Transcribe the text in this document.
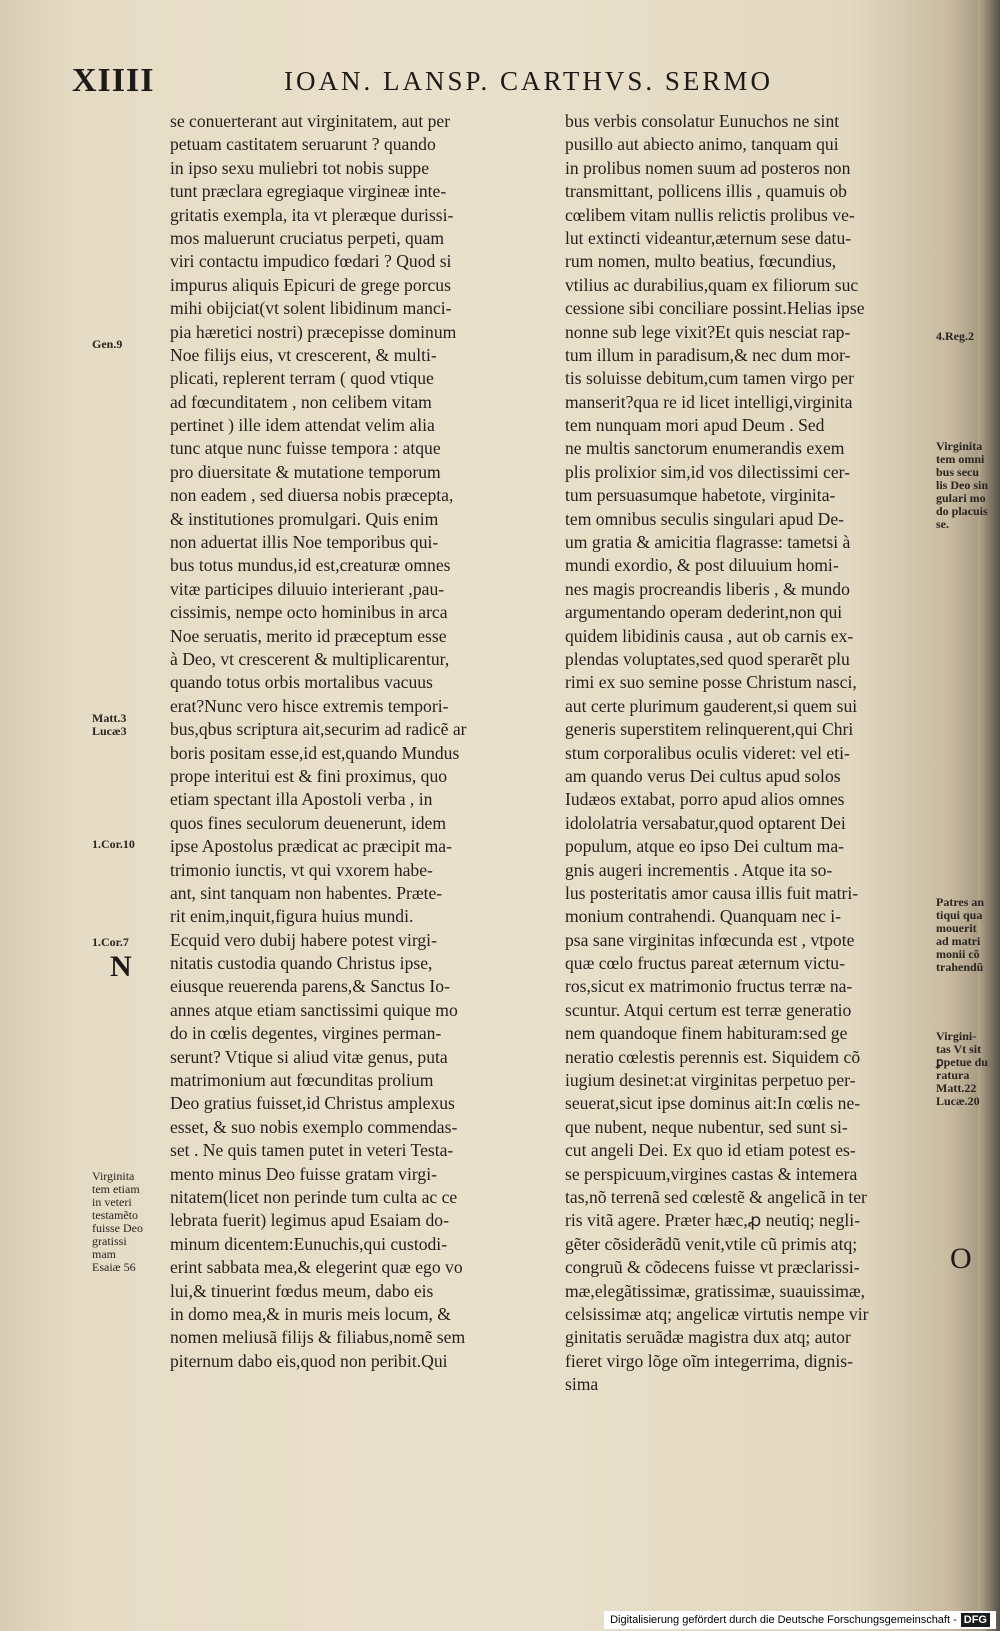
XIIII	IOAN. LANSP. CARTHVS. SERMO
se conuerterant aut virginitatem, aut per
petuam castitatem seruarunt ? quando
in ipso sexu muliebri tot nobis suppe
tunt præclara egregiaque virgineæ inte-
gritatis exempla, ita vt pleræque durissi-
mos maluerunt cruciatus perpeti, quam
viri contactu impudico fœdari ? Quod si
impurus aliquis Epicuri de grege porcus
mihi obijciat(vt solent libidinum manci-
pia hæretici nostri) præcepisse dominum
Noe filijs eius, vt crescerent, & multi-
plicati, replerent terram ( quod vtique
ad fœcunditatem , non celibem vitam
pertinet ) ille idem attendat velim alia
tunc atque nunc fuisse tempora : atque
pro diuersitate & mutatione temporum
non eadem , sed diuersa nobis præcepta,
& institutiones promulgari. Quis enim
non aduertat illis Noe temporibus qui-
bus totus mundus,id est,creaturæ omnes
vitæ participes diluuio interierant ,pau-
cissimis, nempe octo hominibus in arca
Noe seruatis, merito id præceptum esse
à Deo, vt crescerent & multiplicarentur,
quando totus orbis mortalibus vacuus
erat?Nunc vero hisce extremis tempori-
bus,qbus scriptura ait,securim ad radicẽ ar
boris positam esse,id est,quando Mundus
prope interitui est & fini proximus, quo
etiam spectant illa Apostoli verba , in
quos fines seculorum deuenerunt, idem
ipse Apostolus prædicat ac præcipit ma-
trimonio iunctis, vt qui vxorem habe-
ant, sint tanquam non habentes. Præte-
rit enim,inquit,figura huius mundi.
Ecquid vero dubij habere potest virgi-
nitatis custodia quando Christus ipse,
eiusque reuerenda parens,& Sanctus Io-
annes atque etiam sanctissimi quique mo
do in cœlis degentes, virgines perman-
serunt? Vtique si aliud vitæ genus, puta
matrimonium aut fœcunditas prolium
Deo gratius fuisset,id Christus amplexus
esset, & suo nobis exemplo commendas-
set . Ne quis tamen putet in veteri Testa-
mento minus Deo fuisse gratam virgi-
nitatem(licet non perinde tum culta ac ce
lebrata fuerit) legimus apud Esaiam do-
minum dicentem:Eunuchis,qui custodi-
erint sabbata mea,& elegerint quæ ego vo
lui,& tinuerint fœdus meum, dabo eis
in domo mea,& in muris meis locum, &
nomen meliusã filijs & filiabus,nomẽ sem
piternum dabo eis,quod non peribit.Qui
bus verbis consolatur Eunuchos ne sint
pusillo aut abiecto animo, tanquam qui
in prolibus nomen suum ad posteros non
transmittant, pollicens illis , quamuis ob
cœlibem vitam nullis relictis prolibus ve-
lut extincti videantur,æternum sese datu-
rum nomen, multo beatius, fœcundius,
vtilius ac durabilius,quam ex filiorum suc
cessione sibi conciliare possint.Helias ipse
nonne sub lege vixit?Et quis nesciat rap-
tum illum in paradisum,& nec dum mor-
tis soluisse debitum,cum tamen virgo per
manserit?qua re id licet intelligi,virginita
tem nunquam mori apud Deum . Sed
ne multis sanctorum enumerandis exem
plis prolixior sim,id vos dilectissimi cer-
tum persuasumque habetote, virginita-
tem omnibus seculis singulari apud De-
um gratia & amicitia flagrasse: tametsi à
mundi exordio, & post diluuium homi-
nes magis procreandis liberis , & mundo
argumentando operam dederint,non qui
quidem libidinis causa , aut ob carnis ex-
plendas voluptates,sed quod sperarẽt plu
rimi ex suo semine posse Christum nasci,
aut certe plurimum gauderent,si quem sui
generis superstitem relinquerent,qui Chri
stum corporalibus oculis videret: vel eti-
am quando verus Dei cultus apud solos
Iudæos extabat, porro apud alios omnes
idololatria versabatur,quod optarent Dei
populum, atque eo ipso Dei cultum ma-
gnis augeri incrementis . Atque ita so-
lus posteritatis amor causa illis fuit matri-
monium contrahendi. Quanquam nec i-
psa sane virginitas infœcunda est , vtpote
quæ cœlo fructus pareat æternum victu-
ros,sicut ex matrimonio fructus terræ na-
scuntur. Atqui certum est terræ generatio
nem quandoque finem habituram:sed ge
neratio cœlestis perennis est. Siquidem cõ
iugium desinet:at virginitas perpetuo per-
seuerat,sicut ipse dominus ait:In cœlis ne-
que nubent, neque nubentur, sed sunt si-
cut angeli Dei. Ex quo id etiam potest es-
se perspicuum,virgines castas & intemera
tas,nõ terrenã sed cœlestẽ & angelicã in ter
ris vitã agere. Præter hæc,ꝓ neutiq; negli-
gẽter cõsiderãdũ venit,vtile cũ primis atq;
congruũ & cõdecens fuisse vt præclarissi-
mæ,elegãtissimæ, gratissimæ, suauissimæ,
celsissimæ atq; angelicæ virtutis nempe vir
ginitatis seruãdæ magistra dux atq; autor
fieret virgo lõge oĩm integerrima, dignis-
sima
Gen.9
Matt.3
Lucæ3
1.Cor.10
1.Cor.7
Virginita
tem etiam
in veteri
testamẽto
fuisse Deo
gratissi
mam
Esaiæ 56
4.Reg.2
Virginita
tem omni
bus secu
lis Deo sin
gulari mo
do placuis
se.
Patres an
tiqui qua
mouerit
ad matri
monii cõ
trahendũ
Virgini-
tas Vt sit
ꝑpetue du
ratura
Matt.22
Lucæ.20
N
O
Digitalisierung gefördert durch die Deutsche Forschungsgemeinschaft - DFG
